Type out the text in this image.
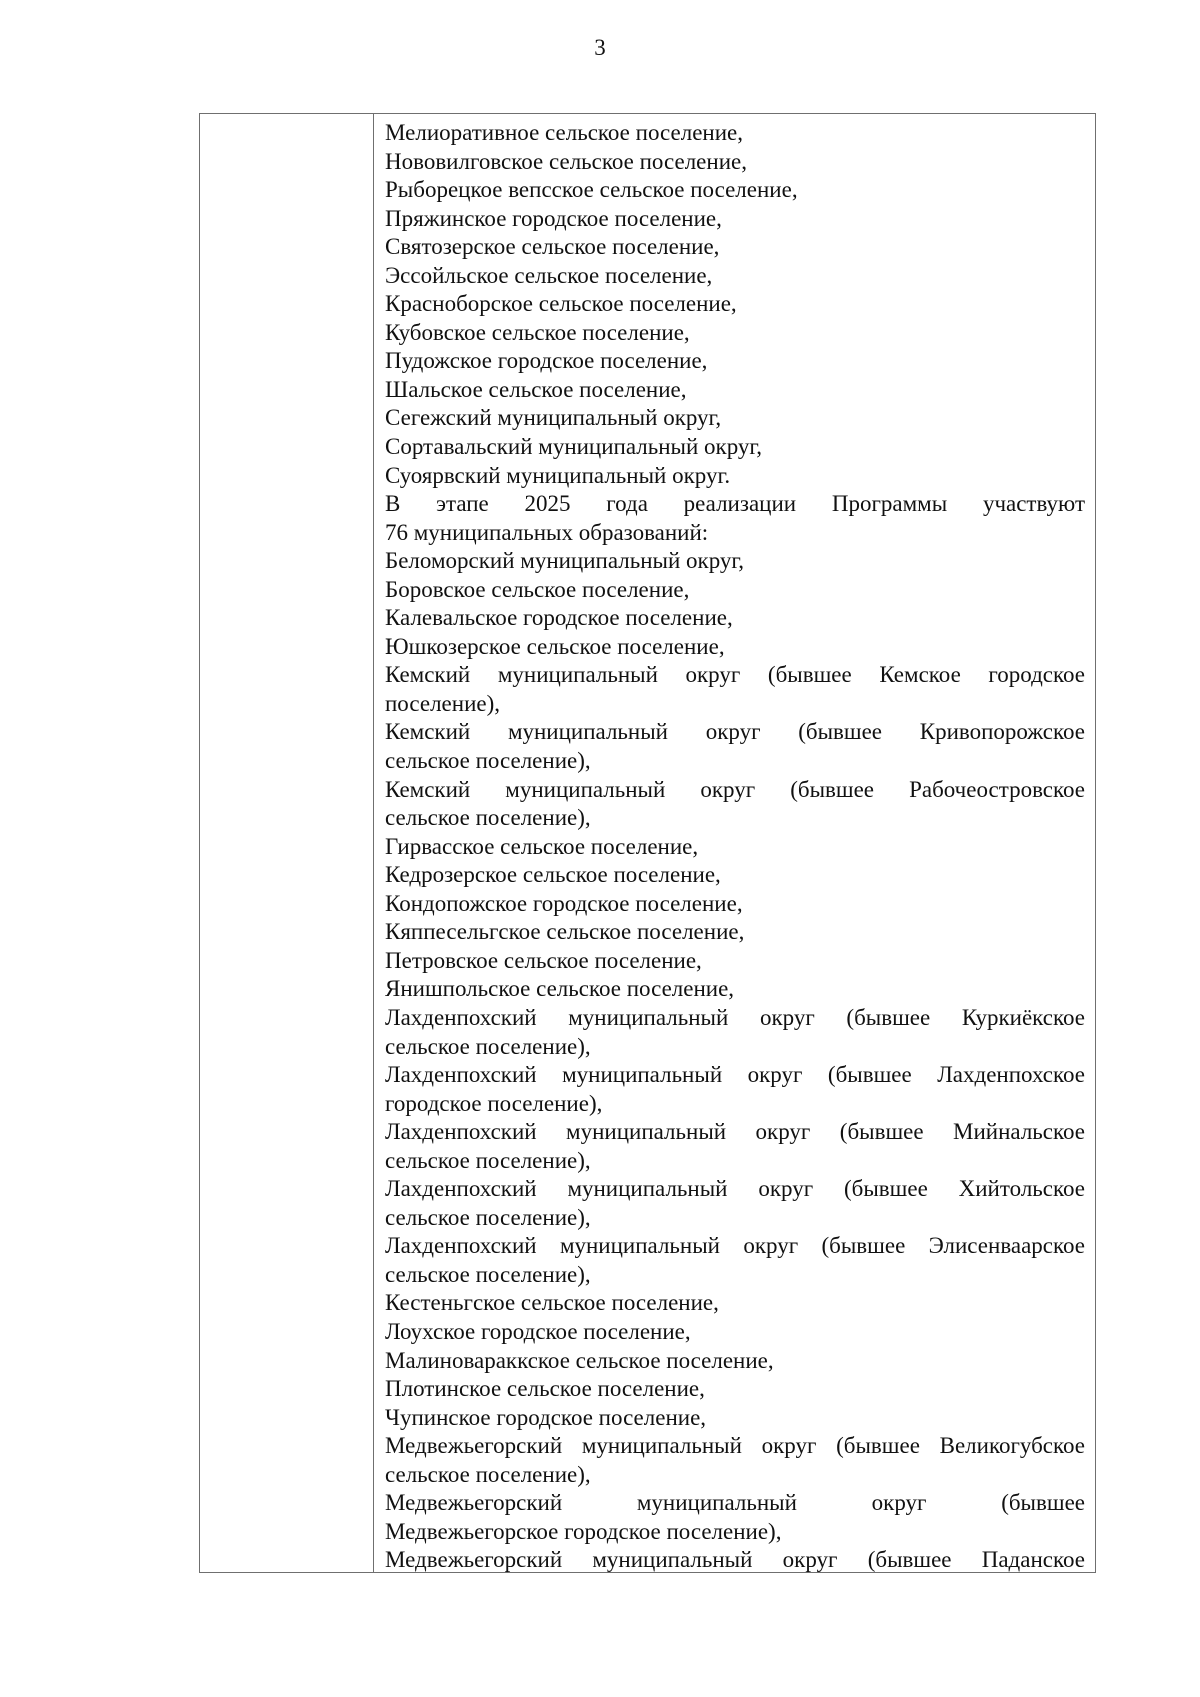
3
Мелиоративное сельское поселение,
Нововилговское сельское поселение,
Рыборецкое вепсское сельское поселение,
Пряжинское городское поселение,
Святозерское сельское поселение,
Эссойльское сельское поселение,
Красноборское сельское поселение,
Кубовское сельское поселение,
Пудожское городское поселение,
Шальское сельское поселение,
Сегежский муниципальный округ,
Сортавальский муниципальный округ,
Суоярвский муниципальный округ.
В этапе 2025 года реализации Программы участвуют
76 муниципальных образований:
Беломорский муниципальный округ,
Боровское сельское поселение,
Калевальское городское поселение,
Юшкозерское сельское поселение,
Кемский муниципальный округ (бывшее Кемское городское
поселение),
Кемский муниципальный округ (бывшее Кривопорожское
сельское поселение),
Кемский муниципальный округ (бывшее Рабочеостровское
сельское поселение),
Гирвасское сельское поселение,
Кедрозерское сельское поселение,
Кондопожское городское поселение,
Кяппесельгское сельское поселение,
Петровское сельское поселение,
Янишпольское сельское поселение,
Лахденпохский муниципальный округ (бывшее Куркиёкское
сельское поселение),
Лахденпохский муниципальный округ (бывшее Лахденпохское
городское поселение),
Лахденпохский муниципальный округ (бывшее Мийнальское
сельское поселение),
Лахденпохский муниципальный округ (бывшее Хийтольское
сельское поселение),
Лахденпохский муниципальный округ (бывшее Элисенваарское
сельское поселение),
Кестеньгское сельское поселение,
Лоухское городское поселение,
Малиновараккское сельское поселение,
Плотинское сельское поселение,
Чупинское городское поселение,
Медвежьегорский муниципальный округ (бывшее Великогубское
сельское поселение),
Медвежьегорский муниципальный округ (бывшее
Медвежьегорское городское поселение),
Медвежьегорский муниципальный округ (бывшее Паданское
